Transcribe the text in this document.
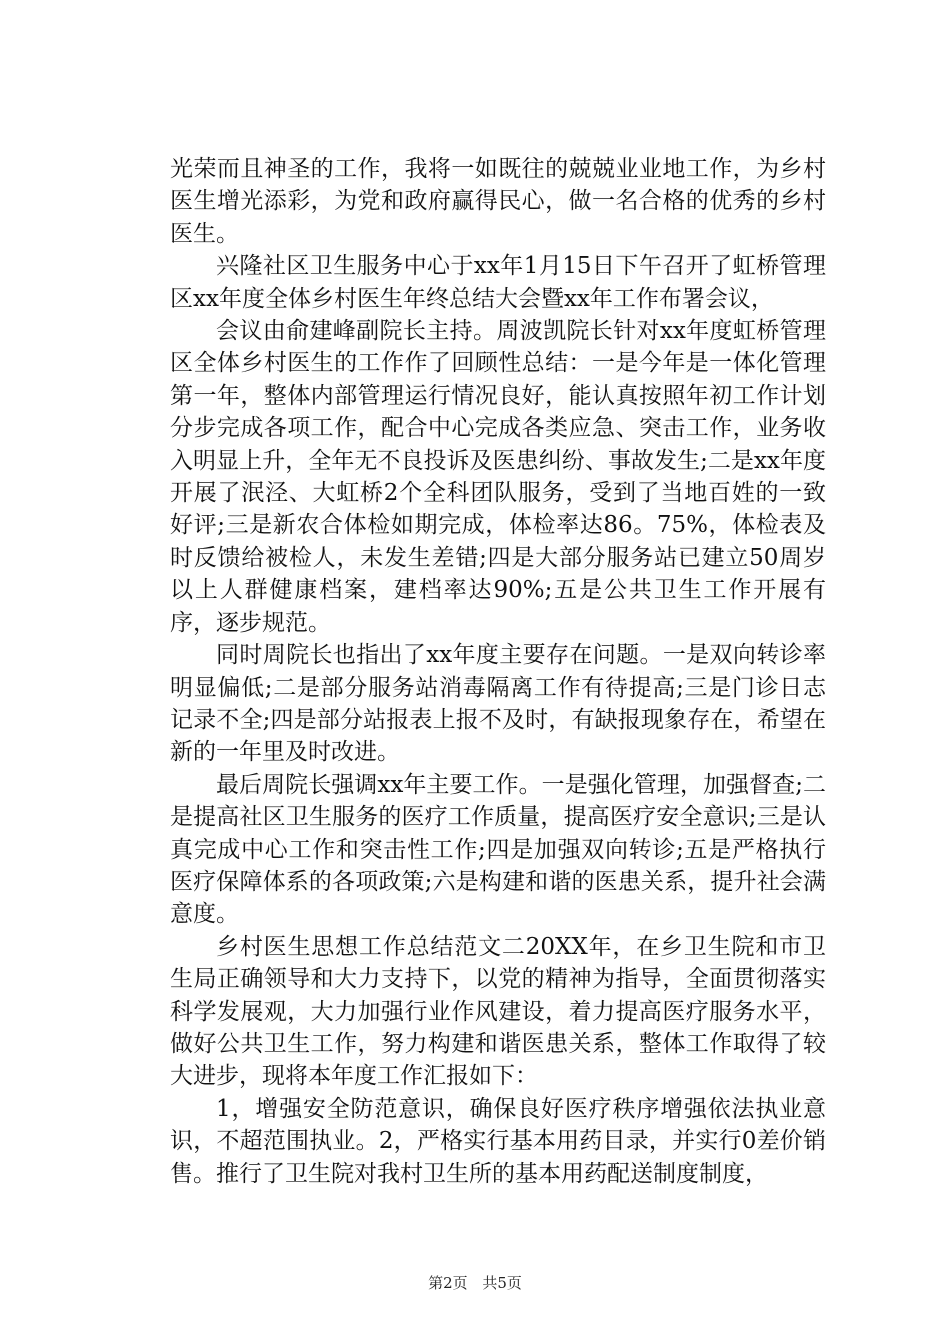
光荣而且神圣的工作，我将一如既往的兢兢业业地工作，为乡村医生增光添彩，为党和政府赢得民心，做一名合格的优秀的乡村医生。

兴隆社区卫生服务中心于xx年1月15日下午召开了虹桥管理区xx年度全体乡村医生年终总结大会暨xx年工作布署会议，

会议由俞建峰副院长主持。周波凯院长针对xx年度虹桥管理区全体乡村医生的工作作了回顾性总结：一是今年是一体化管理第一年，整体内部管理运行情况良好，能认真按照年初工作计划分步完成各项工作，配合中心完成各类应急、突击工作，业务收入明显上升，全年无不良投诉及医患纠纷、事故发生;二是xx年度开展了泯泾、大虹桥2个全科团队服务，受到了当地百姓的一致好评;三是新农合体检如期完成，体检率达86。75%，体检表及时反馈给被检人，未发生差错;四是大部分服务站已建立50周岁以上人群健康档案，建档率达90%;五是公共卫生工作开展有序，逐步规范。

同时周院长也指出了xx年度主要存在问题。一是双向转诊率明显偏低;二是部分服务站消毒隔离工作有待提高;三是门诊日志记录不全;四是部分站报表上报不及时，有缺报现象存在，希望在新的一年里及时改进。

最后周院长强调xx年主要工作。一是强化管理，加强督查;二是提高社区卫生服务的医疗工作质量，提高医疗安全意识;三是认真完成中心工作和突击性工作;四是加强双向转诊;五是严格执行医疗保障体系的各项政策;六是构建和谐的医患关系，提升社会满意度。

乡村医生思想工作总结范文二20XX年，在乡卫生院和市卫生局正确领导和大力支持下，以党的精神为指导，全面贯彻落实科学发展观，大力加强行业作风建设，着力提高医疗服务水平，做好公共卫生工作，努力构建和谐医患关系，整体工作取得了较大进步，现将本年度工作汇报如下：

1，增强安全防范意识，确保良好医疗秩序增强依法执业意识，不超范围执业。2，严格实行基本用药目录，并实行0差价销售。推行了卫生院对我村卫生所的基本用药配送制度制度，

第2页 共5页
